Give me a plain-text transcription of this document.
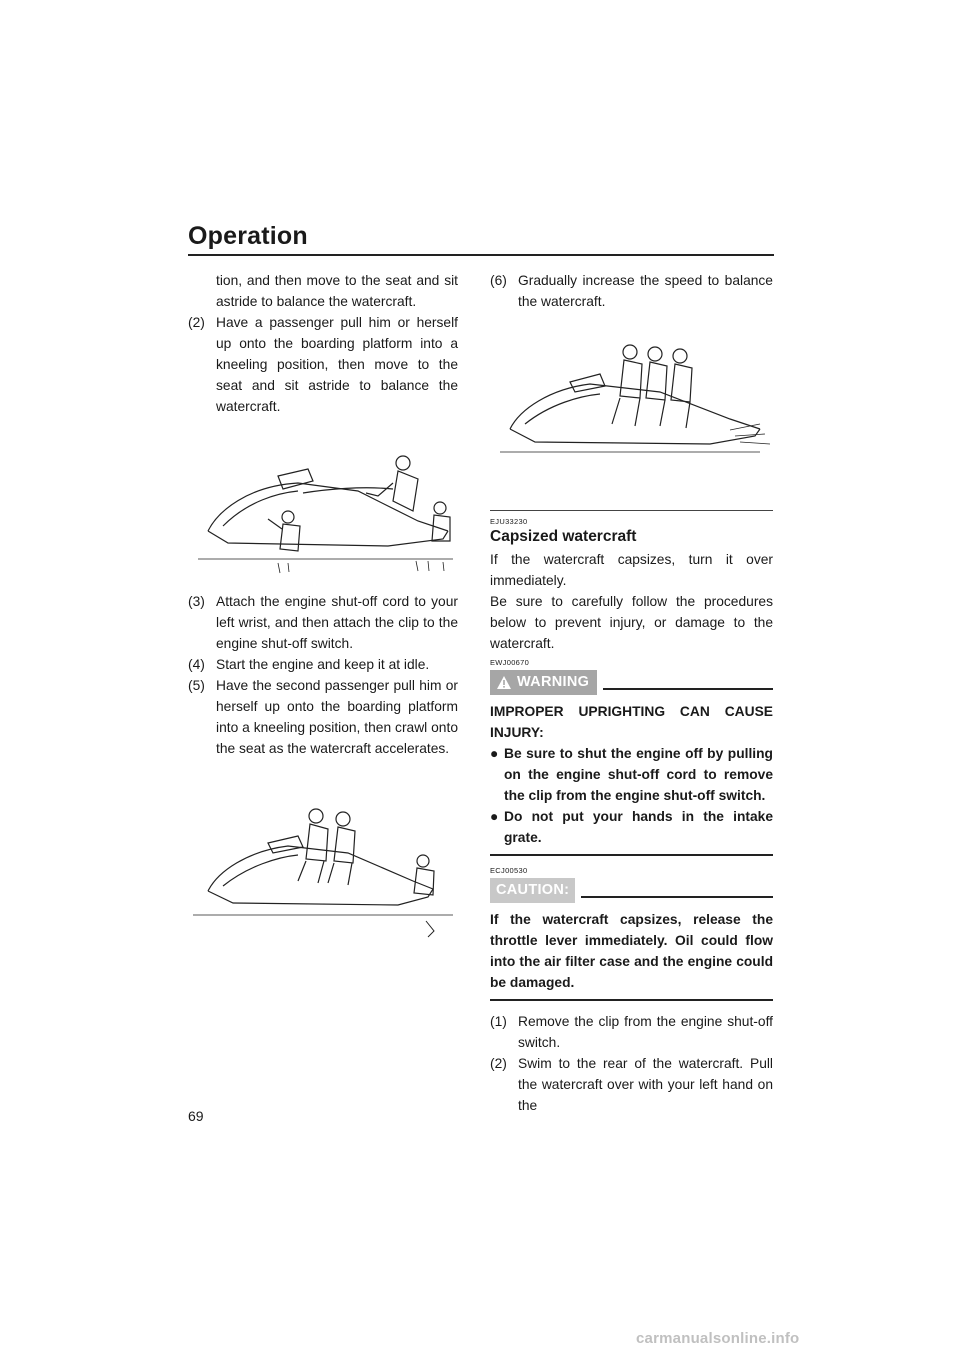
Operation
tion, and then move to the seat and sit astride to balance the watercraft.
(2) Have a passenger pull him or herself up onto the boarding platform into a kneeling position, then move to the seat and sit astride to balance the watercraft.
(3) Attach the engine shut-off cord to your left wrist, and then attach the clip to the engine shut-off switch.
(4) Start the engine and keep it at idle.
(5) Have the second passenger pull him or herself up onto the boarding platform into a kneeling position, then crawl onto the seat as the watercraft accelerates.
(6) Gradually increase the speed to balance the watercraft.
EJU33230
Capsized watercraft

If the watercraft capsizes, turn it over immediately.

Be sure to carefully follow the procedures below to prevent injury, or damage to the watercraft.

EWJ00670
WARNING
IMPROPER UPRIGHTING CAN CAUSE INJURY:
● Be sure to shut the engine off by pulling on the engine shut-off cord to remove the clip from the engine shut-off switch.
● Do not put your hands in the intake grate.
ECJ00530
CAUTION:
If the watercraft capsizes, release the throttle lever immediately. Oil could flow into the air filter case and the engine could be damaged.
(1) Remove the clip from the engine shut-off switch.
(2) Swim to the rear of the watercraft. Pull the watercraft over with your left hand on the
69
carmanualsonline.info
